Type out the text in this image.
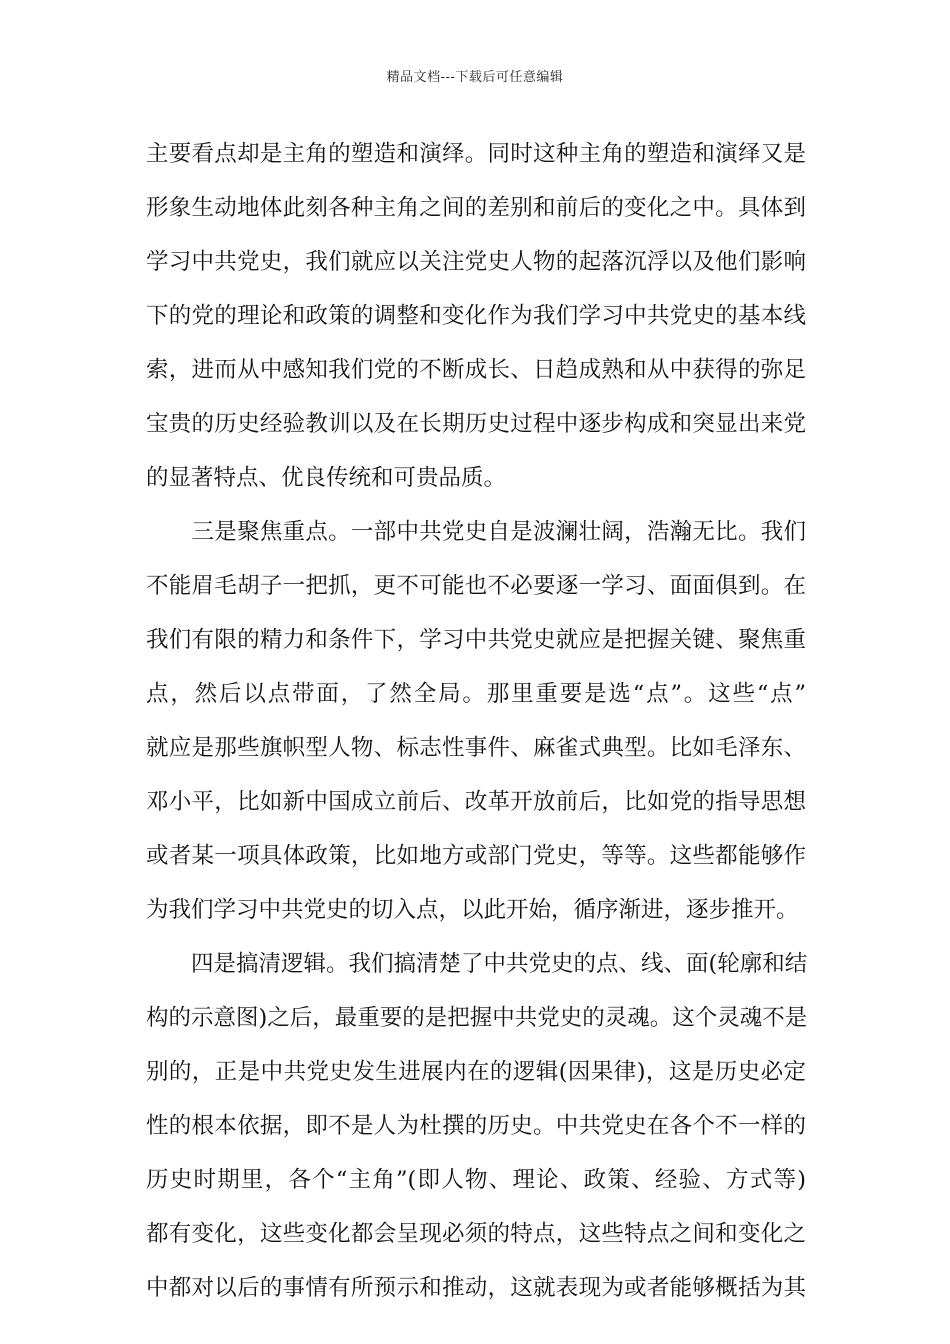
精品文档---下载后可任意编辑
主要看点却是主角的塑造和演绎。同时这种主角的塑造和演绎又是
形象生动地体此刻各种主角之间的差别和前后的变化之中。具体到
学习中共党史，我们就应以关注党史人物的起落沉浮以及他们影响
下的党的理论和政策的调整和变化作为我们学习中共党史的基本线
索，进而从中感知我们党的不断成长、日趋成熟和从中获得的弥足
宝贵的历史经验教训以及在长期历史过程中逐步构成和突显出来党
的显著特点、优良传统和可贵品质。
　　三是聚焦重点。一部中共党史自是波澜壮阔，浩瀚无比。我们
不能眉毛胡子一把抓，更不可能也不必要逐一学习、面面俱到。在
我们有限的精力和条件下，学习中共党史就应是把握关键、聚焦重
点，然后以点带面，了然全局。那里重要是选“点”。这些“点”
就应是那些旗帜型人物、标志性事件、麻雀式典型。比如毛泽东、
邓小平，比如新中国成立前后、改革开放前后，比如党的指导思想
或者某一项具体政策，比如地方或部门党史，等等。这些都能够作
为我们学习中共党史的切入点，以此开始，循序渐进，逐步推开。
　　四是搞清逻辑。我们搞清楚了中共党史的点、线、面(轮廓和结
构的示意图)之后，最重要的是把握中共党史的灵魂。这个灵魂不是
别的，正是中共党史发生进展内在的逻辑(因果律)，这是历史必定
性的根本依据，即不是人为杜撰的历史。中共党史在各个不一样的
历史时期里，各个“主角”(即人物、理论、政策、经验、方式等)
都有变化，这些变化都会呈现必须的特点，这些特点之间和变化之
中都对以后的事情有所预示和推动，这就表现为或者能够概括为其
